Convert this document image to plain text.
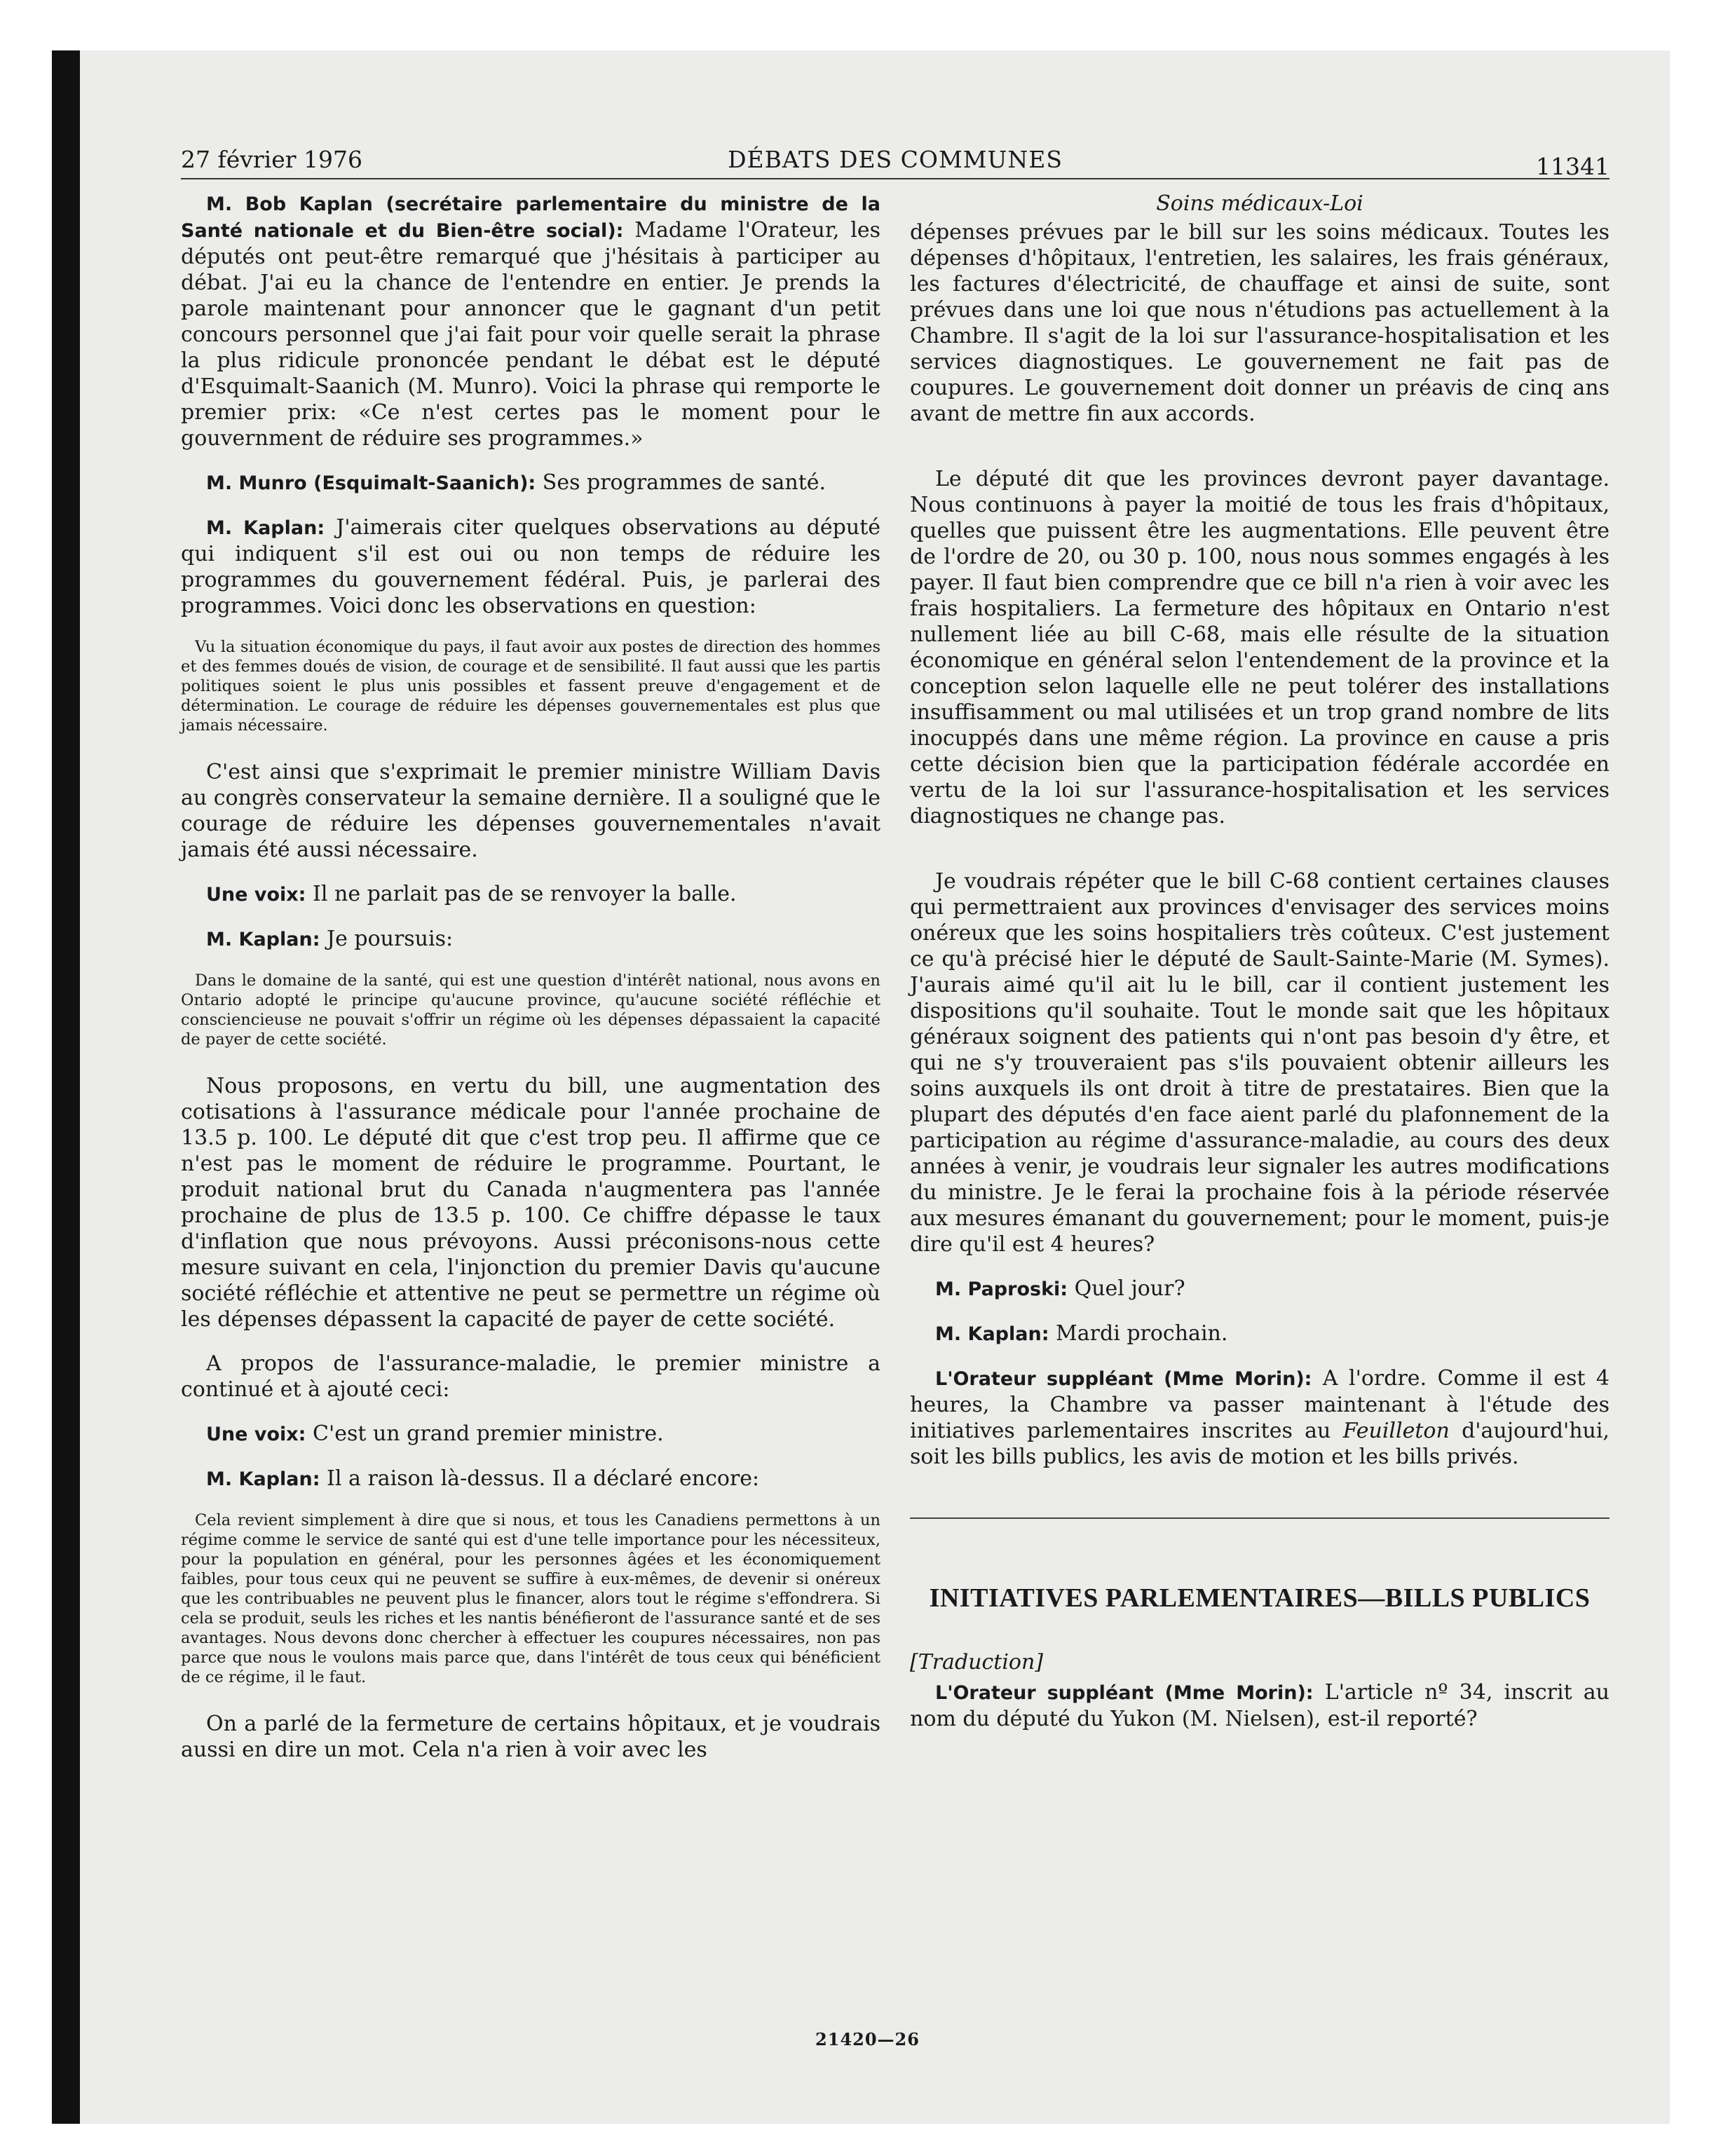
27 février 1976	DÉBATS DES COMMUNES	11341

M. Bob Kaplan (secrétaire parlementaire du ministre de la Santé nationale et du Bien-être social): Madame l'Orateur, les députés ont peut-être remarqué que j'hésitais à participer au débat. J'ai eu la chance de l'entendre en entier. Je prends la parole maintenant pour annoncer que le gagnant d'un petit concours personnel que j'ai fait pour voir quelle serait la phrase la plus ridicule prononcée pendant le débat est le député d'Esquimalt-Saanich (M. Munro). Voici la phrase qui remporte le premier prix: «Ce n'est certes pas le moment pour le gouvernment de réduire ses programmes.»

M. Munro (Esquimalt-Saanich): Ses programmes de santé.

M. Kaplan: J'aimerais citer quelques observations au député qui indiquent s'il est oui ou non temps de réduire les programmes du gouvernement fédéral. Puis, je parlerai des programmes. Voici donc les observations en question:

Vu la situation économique du pays, il faut avoir aux postes de direction des hommes et des femmes doués de vision, de courage et de sensibilité. Il faut aussi que les partis politiques soient le plus unis possibles et fassent preuve d'engagement et de détermination. Le courage de réduire les dépenses gouvernementales est plus que jamais nécessaire.

C'est ainsi que s'exprimait le premier ministre William Davis au congrès conservateur la semaine dernière. Il a souligné que le courage de réduire les dépenses gouvernementales n'avait jamais été aussi nécessaire.

Une voix: Il ne parlait pas de se renvoyer la balle.

M. Kaplan: Je poursuis:

Dans le domaine de la santé, qui est une question d'intérêt national, nous avons en Ontario adopté le principe qu'aucune province, qu'aucune société réfléchie et consciencieuse ne pouvait s'offrir un régime où les dépenses dépassaient la capacité de payer de cette société.

Nous proposons, en vertu du bill, une augmentation des cotisations à l'assurance médicale pour l'année prochaine de 13.5 p. 100. Le député dit que c'est trop peu. Il affirme que ce n'est pas le moment de réduire le programme. Pourtant, le produit national brut du Canada n'augmentera pas l'année prochaine de plus de 13.5 p. 100. Ce chiffre dépasse le taux d'inflation que nous prévoyons. Aussi préconisons-nous cette mesure suivant en cela, l'injonction du premier Davis qu'aucune société réfléchie et attentive ne peut se permettre un régime où les dépenses dépassent la capacité de payer de cette société.

A propos de l'assurance-maladie, le premier ministre a continué et à ajouté ceci:

Une voix: C'est un grand premier ministre.

M. Kaplan: Il a raison là-dessus. Il a déclaré encore:

Cela revient simplement à dire que si nous, et tous les Canadiens permettons à un régime comme le service de santé qui est d'une telle importance pour les nécessiteux, pour la population en général, pour les personnes âgées et les économiquement faibles, pour tous ceux qui ne peuvent se suffire à eux-mêmes, de devenir si onéreux que les contribuables ne peuvent plus le financer, alors tout le régime s'effondrera. Si cela se produit, seuls les riches et les nantis bénéfieront de l'assurance santé et de ses avantages. Nous devons donc chercher à effectuer les coupures nécessaires, non pas parce que nous le voulons mais parce que, dans l'intérêt de tous ceux qui bénéficient de ce régime, il le faut.

On a parlé de la fermeture de certains hôpitaux, et je voudrais aussi en dire un mot. Cela n'a rien à voir avec les

Soins médicaux-Loi

dépenses prévues par le bill sur les soins médicaux. Toutes les dépenses d'hôpitaux, l'entretien, les salaires, les frais généraux, les factures d'électricité, de chauffage et ainsi de suite, sont prévues dans une loi que nous n'étudions pas actuellement à la Chambre. Il s'agit de la loi sur l'assurance-hospitalisation et les services diagnostiques. Le gouvernement ne fait pas de coupures. Le gouvernement doit donner un préavis de cinq ans avant de mettre fin aux accords.

Le député dit que les provinces devront payer davantage. Nous continuons à payer la moitié de tous les frais d'hôpitaux, quelles que puissent être les augmentations. Elle peuvent être de l'ordre de 20, ou 30 p. 100, nous nous sommes engagés à les payer. Il faut bien comprendre que ce bill n'a rien à voir avec les frais hospitaliers. La fermeture des hôpitaux en Ontario n'est nullement liée au bill C-68, mais elle résulte de la situation économique en général selon l'entendement de la province et la conception selon laquelle elle ne peut tolérer des installations insuffisamment ou mal utilisées et un trop grand nombre de lits inocuppés dans une même région. La province en cause a pris cette décision bien que la participation fédérale accordée en vertu de la loi sur l'assurance-hospitalisation et les services diagnostiques ne change pas.

Je voudrais répéter que le bill C-68 contient certaines clauses qui permettraient aux provinces d'envisager des services moins onéreux que les soins hospitaliers très coûteux. C'est justement ce qu'à précisé hier le député de Sault-Sainte-Marie (M. Symes). J'aurais aimé qu'il ait lu le bill, car il contient justement les dispositions qu'il souhaite. Tout le monde sait que les hôpitaux généraux soignent des patients qui n'ont pas besoin d'y être, et qui ne s'y trouveraient pas s'ils pouvaient obtenir ailleurs les soins auxquels ils ont droit à titre de prestataires. Bien que la plupart des députés d'en face aient parlé du plafonnement de la participation au régime d'assurance-maladie, au cours des deux années à venir, je voudrais leur signaler les autres modifications du ministre. Je le ferai la prochaine fois à la période réservée aux mesures émanant du gouvernement; pour le moment, puis-je dire qu'il est 4 heures?

M. Paproski: Quel jour?

M. Kaplan: Mardi prochain.

L'Orateur suppléant (Mme Morin): A l'ordre. Comme il est 4 heures, la Chambre va passer maintenant à l'étude des initiatives parlementaires inscrites au Feuilleton d'aujourd'hui, soit les bills publics, les avis de motion et les bills privés.

INITIATIVES PARLEMENTAIRES—BILLS PUBLICS

[Traduction]

L'Orateur suppléant (Mme Morin): L'article nº 34, inscrit au nom du député du Yukon (M. Nielsen), est-il reporté?

21420—26
